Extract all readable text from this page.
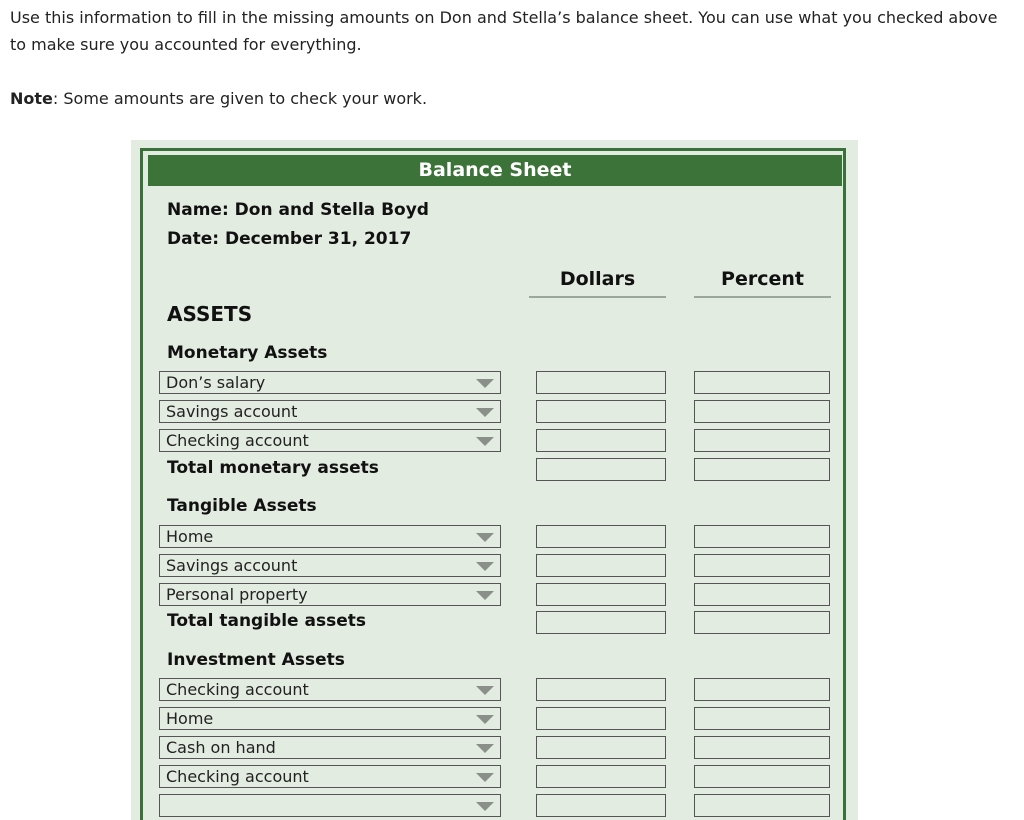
Use this information to fill in the missing amounts on Don and Stella’s balance sheet. You can use what you checked above to make sure you accounted for everything.
Note: Some amounts are given to check your work.
Balance Sheet
Name: Don and Stella Boyd
Date: December 31, 2017
Dollars	Percent
ASSETS
Monetary Assets
Don’s salary
Savings account
Checking account
Total monetary assets
Tangible Assets
Home
Savings account
Personal property
Total tangible assets
Investment Assets
Checking account
Home
Cash on hand
Checking account
